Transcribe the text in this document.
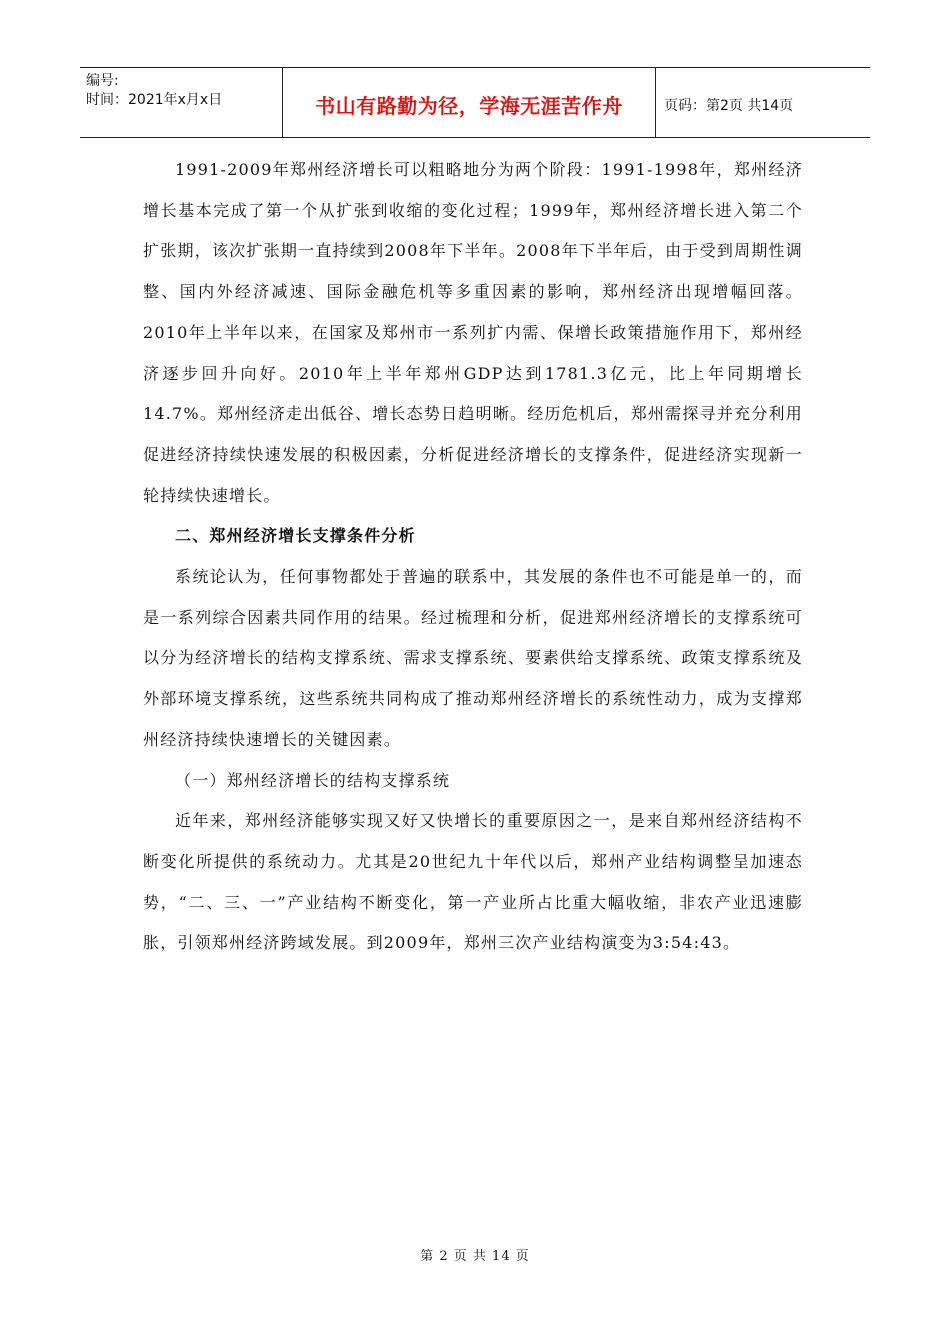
编号:
时间：2021年x月x日	书山有路勤为径，学海无涯苦作舟	页码：第2页 共14页

1991-2009年郑州经济增长可以粗略地分为两个阶段：1991-1998年，郑州经济增长基本完成了第一个从扩张到收缩的变化过程；1999年，郑州经济增长进入第二个扩张期，该次扩张期一直持续到2008年下半年。2008年下半年后，由于受到周期性调整、国内外经济减速、国际金融危机等多重因素的影响，郑州经济出现增幅回落。2010年上半年以来，在国家及郑州市一系列扩内需、保增长政策措施作用下，郑州经济逐步回升向好。2010年上半年郑州GDP达到1781.3亿元，比上年同期增长14.7%。郑州经济走出低谷、增长态势日趋明晰。经历危机后，郑州需探寻并充分利用促进经济持续快速发展的积极因素，分析促进经济增长的支撑条件，促进经济实现新一轮持续快速增长。

二、郑州经济增长支撑条件分析

系统论认为，任何事物都处于普遍的联系中，其发展的条件也不可能是单一的，而是一系列综合因素共同作用的结果。经过梳理和分析，促进郑州经济增长的支撑系统可以分为经济增长的结构支撑系统、需求支撑系统、要素供给支撑系统、政策支撑系统及外部环境支撑系统，这些系统共同构成了推动郑州经济增长的系统性动力，成为支撑郑州经济持续快速增长的关键因素。

（一）郑州经济增长的结构支撑系统

近年来，郑州经济能够实现又好又快增长的重要原因之一，是来自郑州经济结构不断变化所提供的系统动力。尤其是20世纪九十年代以后，郑州产业结构调整呈加速态势，“二、三、一”产业结构不断变化，第一产业所占比重大幅收缩，非农产业迅速膨胀，引领郑州经济跨域发展。到2009年，郑州三次产业结构演变为3:54:43。

第 2 页 共 14 页
